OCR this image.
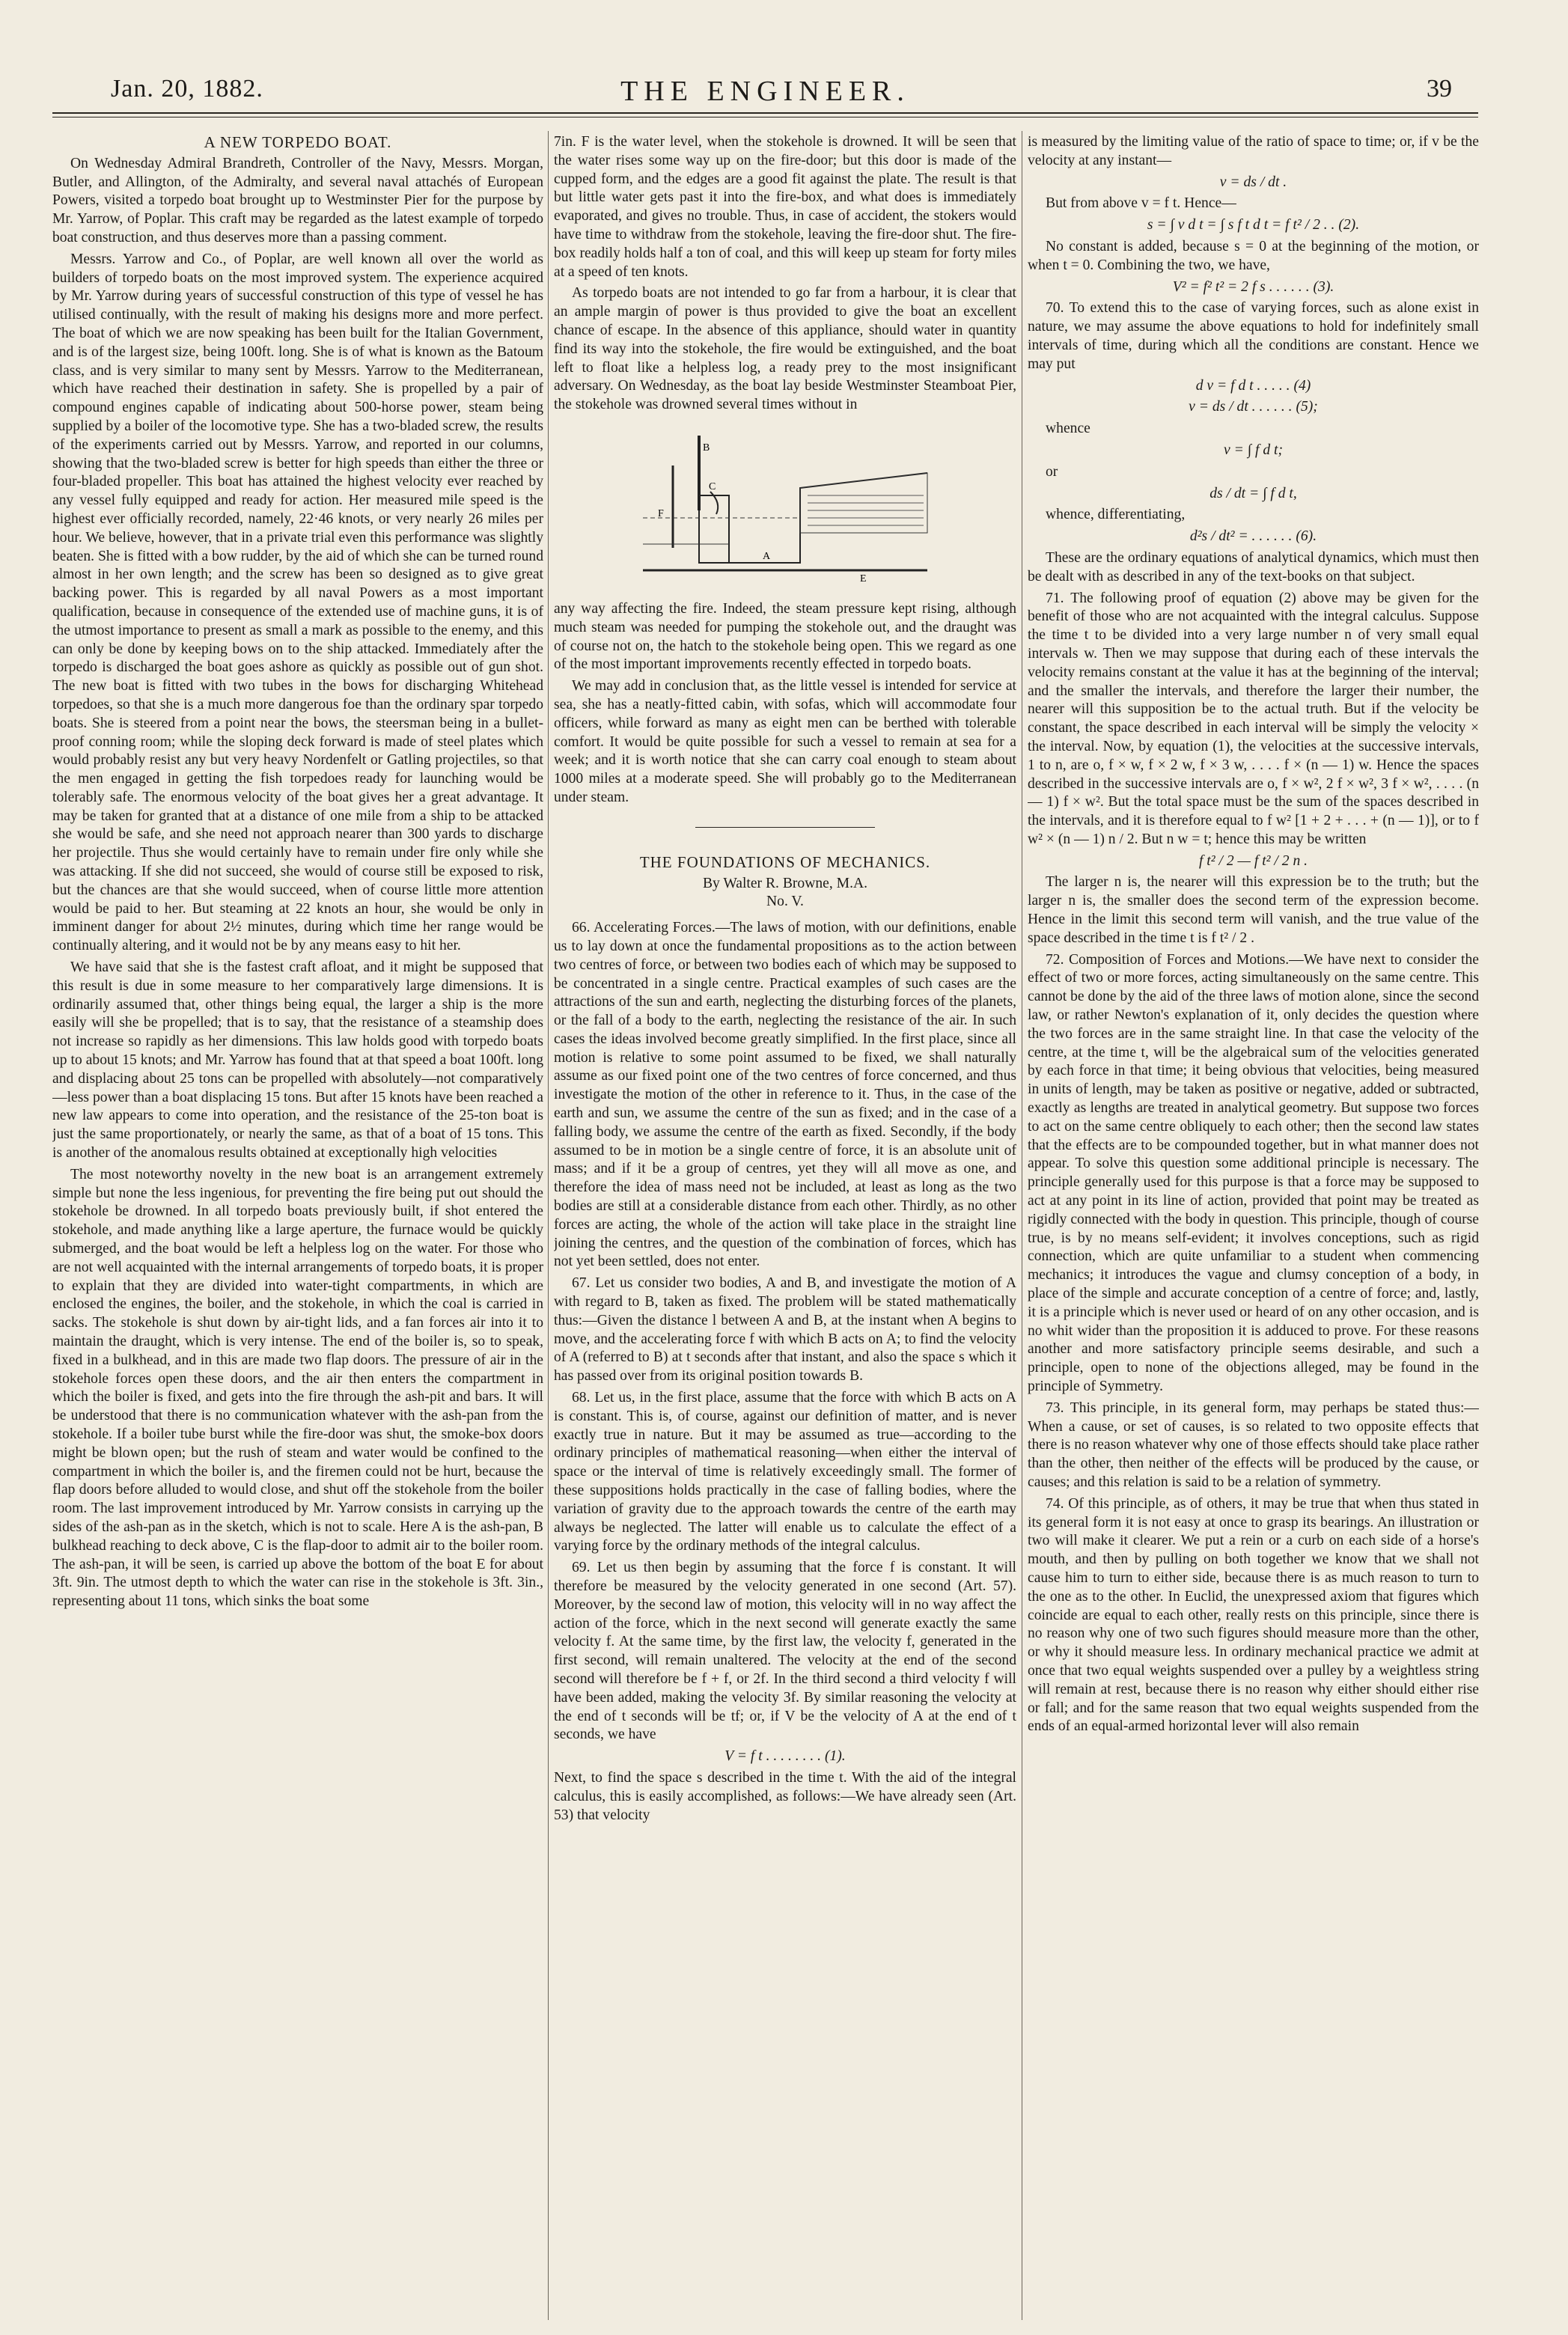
Jan. 20, 1882.	THE ENGINEER.	39

A NEW TORPEDO BOAT.

On Wednesday Admiral Brandreth, Controller of the Navy, Messrs. Morgan, Butler, and Allington, of the Admiralty, and several naval attachés of European Powers, visited a torpedo boat brought up to Westminster Pier for the purpose by Mr. Yarrow, of Poplar. This craft may be regarded as the latest example of torpedo boat construction, and thus deserves more than a passing comment.

Messrs. Yarrow and Co., of Poplar, are well known all over the world as builders of torpedo boats on the most improved system. The experience acquired by Mr. Yarrow during years of successful construction of this type of vessel he has utilised continually, with the result of making his designs more and more perfect. The boat of which we are now speaking has been built for the Italian Government, and is of the largest size, being 100ft. long. She is of what is known as the Batoum class, and is very similar to many sent by Messrs. Yarrow to the Mediterranean, which have reached their destination in safety. She is propelled by a pair of compound engines capable of indicating about 500-horse power, steam being supplied by a boiler of the locomotive type. She has a two-bladed screw, the results of the experiments carried out by Messrs. Yarrow, and reported in our columns, showing that the two-bladed screw is better for high speeds than either the three or four-bladed propeller. This boat has attained the highest velocity ever reached by any vessel fully equipped and ready for action. Her measured mile speed is the highest ever officially recorded, namely, 22·46 knots, or very nearly 26 miles per hour. We believe, however, that in a private trial even this performance was slightly beaten. She is fitted with a bow rudder, by the aid of which she can be turned round almost in her own length; and the screw has been so designed as to give great backing power. This is regarded by all naval Powers as a most important qualification, because in consequence of the extended use of machine guns, it is of the utmost importance to present as small a mark as possible to the enemy, and this can only be done by keeping bows on to the ship attacked. Immediately after the torpedo is discharged the boat goes ashore as quickly as possible out of gun shot. The new boat is fitted with two tubes in the bows for discharging Whitehead torpedoes, so that she is a much more dangerous foe than the ordinary spar torpedo boats. She is steered from a point near the bows, the steersman being in a bullet-proof conning room; while the sloping deck forward is made of steel plates which would probably resist any but very heavy Nordenfelt or Gatling projectiles, so that the men engaged in getting the fish torpedoes ready for launching would be tolerably safe. The enormous velocity of the boat gives her a great advantage. It may be taken for granted that at a distance of one mile from a ship to be attacked she would be safe, and she need not approach nearer than 300 yards to discharge her projectile. Thus she would certainly have to remain under fire only while she was attacking. If she did not succeed, she would of course still be exposed to risk, but the chances are that she would succeed, when of course little more attention would be paid to her. But steaming at 22 knots an hour, she would be only in imminent danger for about 2½ minutes, during which time her range would be continually altering, and it would not be by any means easy to hit her.

We have said that she is the fastest craft afloat, and it might be supposed that this result is due in some measure to her comparatively large dimensions. It is ordinarily assumed that, other things being equal, the larger a ship is the more easily will she be propelled; that is to say, that the resistance of a steamship does not increase so rapidly as her dimensions. This law holds good with torpedo boats up to about 15 knots; and Mr. Yarrow has found that at that speed a boat 100ft. long and displacing about 25 tons can be propelled with absolutely—not comparatively—less power than a boat displacing 15 tons. But after 15 knots have been reached a new law appears to come into operation, and the resistance of the 25-ton boat is just the same proportionately, or nearly the same, as that of a boat of 15 tons. This is another of the anomalous results obtained at exceptionally high velocities

The most noteworthy novelty in the new boat is an arrangement extremely simple but none the less ingenious, for preventing the fire being put out should the stokehole be drowned. In all torpedo boats previously built, if shot entered the stokehole, and made anything like a large aperture, the furnace would be quickly submerged, and the boat would be left a helpless log on the water. For those who are not well acquainted with the internal arrangements of torpedo boats, it is proper to explain that they are divided into water-tight compartments, in which are enclosed the engines, the boiler, and the stokehole, in which the coal is carried in sacks. The stokehole is shut down by air-tight lids, and a fan forces air into it to maintain the draught, which is very intense. The end of the boiler is, so to speak, fixed in a bulkhead, and in this are made two flap doors. The pressure of air in the stokehole forces open these doors, and the air then enters the compartment in which the boiler is fixed, and gets into the fire through the ash-pit and bars. It will be understood that there is no communication whatever with the ash-pan from the stokehole. If a boiler tube burst while the fire-door was shut, the smoke-box doors might be blown open; but the rush of steam and water would be confined to the compartment in which the boiler is, and the firemen could not be hurt, because the flap doors before alluded to would close, and shut off the stokehole from the boiler room. The last improvement introduced by Mr. Yarrow consists in carrying up the sides of the ash-pan as in the sketch, which is not to scale. Here A is the ash-pan, B bulkhead reaching to deck above, C is the flap-door to admit air to the boiler room. The ash-pan, it will be seen, is carried up above the bottom of the boat E for about 3ft. 9in. The utmost depth to which the water can rise in the stokehole is 3ft. 3in., representing about 11 tons, which sinks the boat some

7in. F is the water level, when the stokehole is drowned. It will be seen that the water rises some way up on the fire-door; but this door is made of the cupped form, and the edges are a good fit against the plate. The result is that but little water gets past it into the fire-box, and what does is immediately evaporated, and gives no trouble. Thus, in case of accident, the stokers would have time to withdraw from the stokehole, leaving the fire-door shut. The fire-box readily holds half a ton of coal, and this will keep up steam for forty miles at a speed of ten knots.

As torpedo boats are not intended to go far from a harbour, it is clear that an ample margin of power is thus provided to give the boat an excellent chance of escape. In the absence of this appliance, should water in quantity find its way into the stokehole, the fire would be extinguished, and the boat left to float like a helpless log, a ready prey to the most insignificant adversary. On Wednesday, as the boat lay beside Westminster Steamboat Pier, the stokehole was drowned several times without in

B
C
F
A
E

any way affecting the fire. Indeed, the steam pressure kept rising, although much steam was needed for pumping the stokehole out, and the draught was of course not on, the hatch to the stokehole being open. This we regard as one of the most important improvements recently effected in torpedo boats.

We may add in conclusion that, as the little vessel is intended for service at sea, she has a neatly-fitted cabin, with sofas, which will accommodate four officers, while forward as many as eight men can be berthed with tolerable comfort. It would be quite possible for such a vessel to remain at sea for a week; and it is worth notice that she can carry coal enough to steam about 1000 miles at a moderate speed. She will probably go to the Mediterranean under steam.

THE FOUNDATIONS OF MECHANICS.

By Walter R. Browne, M.A.

No. V.

66. Accelerating Forces.—The laws of motion, with our definitions, enable us to lay down at once the fundamental propositions as to the action between two centres of force, or between two bodies each of which may be supposed to be concentrated in a single centre. Practical examples of such cases are the attractions of the sun and earth, neglecting the disturbing forces of the planets, or the fall of a body to the earth, neglecting the resistance of the air. In such cases the ideas involved become greatly simplified. In the first place, since all motion is relative to some point assumed to be fixed, we shall naturally assume as our fixed point one of the two centres of force concerned, and thus investigate the motion of the other in reference to it. Thus, in the case of the earth and sun, we assume the centre of the sun as fixed; and in the case of a falling body, we assume the centre of the earth as fixed. Secondly, if the body assumed to be in motion be a single centre of force, it is an absolute unit of mass; and if it be a group of centres, yet they will all move as one, and therefore the idea of mass need not be included, at least as long as the two bodies are still at a considerable distance from each other. Thirdly, as no other forces are acting, the whole of the action will take place in the straight line joining the centres, and the question of the combination of forces, which has not yet been settled, does not enter.

67. Let us consider two bodies, A and B, and investigate the motion of A with regard to B, taken as fixed. The problem will be stated mathematically thus:—Given the distance l between A and B, at the instant when A begins to move, and the accelerating force f with which B acts on A; to find the velocity of A (referred to B) at t seconds after that instant, and also the space s which it has passed over from its original position towards B.

68. Let us, in the first place, assume that the force with which B acts on A is constant. This is, of course, against our definition of matter, and is never exactly true in nature. But it may be assumed as true—according to the ordinary principles of mathematical reasoning—when either the interval of space or the interval of time is relatively exceedingly small. The former of these suppositions holds practically in the case of falling bodies, where the variation of gravity due to the approach towards the centre of the earth may always be neglected. The latter will enable us to calculate the effect of a varying force by the ordinary methods of the integral calculus.

69. Let us then begin by assuming that the force f is constant. It will therefore be measured by the velocity generated in one second (Art. 57). Moreover, by the second law of motion, this velocity will in no way affect the action of the force, which in the next second will generate exactly the same velocity f. At the same time, by the first law, the velocity f, generated in the first second, will remain unaltered. The velocity at the end of the second second will therefore be f + f, or 2f. In the third second a third velocity f will have been added, making the velocity 3f. By similar reasoning the velocity at the end of t seconds will be tf; or, if V be the velocity of A at the end of t seconds, we have

V = f t . . . . . . . . (1).

Next, to find the space s described in the time t. With the aid of the integral calculus, this is easily accomplished, as follows:—We have already seen (Art. 53) that velocity

is measured by the limiting value of the ratio of space to time; or, if v be the velocity at any instant—

v = ds / dt .

But from above v = f t. Hence—

s = ∫ v d t = ∫ s f t d t = f t² / 2 . . (2).

No constant is added, because s = 0 at the beginning of the motion, or when t = 0. Combining the two, we have,

V² = f² t² = 2 f s . . . . . . (3).

70. To extend this to the case of varying forces, such as alone exist in nature, we may assume the above equations to hold for indefinitely small intervals of time, during which all the conditions are constant. Hence we may put

d v = f d t . . . . . (4)

v = ds / dt . . . . . . (5);

whence

v = ∫ f d t;

or

ds / dt = ∫ f d t,

whence, differentiating,

d²s / dt² = . . . . . . (6).

These are the ordinary equations of analytical dynamics, which must then be dealt with as described in any of the text-books on that subject.

71. The following proof of equation (2) above may be given for the benefit of those who are not acquainted with the integral calculus. Suppose the time t to be divided into a very large number n of very small equal intervals w. Then we may suppose that during each of these intervals the velocity remains constant at the value it has at the beginning of the interval; and the smaller the intervals, and therefore the larger their number, the nearer will this supposition be to the actual truth. But if the velocity be constant, the space described in each interval will be simply the velocity × the interval. Now, by equation (1), the velocities at the successive intervals, 1 to n, are o, f × w, f × 2 w, f × 3 w, . . . . f × (n — 1) w. Hence the spaces described in the successive intervals are o, f × w², 2 f × w², 3 f × w², . . . . (n — 1) f × w². But the total space must be the sum of the spaces described in the intervals, and it is therefore equal to f w² [1 + 2 + . . . + (n — 1)], or to f w² × (n — 1) n / 2. But n w = t; hence this may be written

f t² / 2 — f t² / 2 n .

The larger n is, the nearer will this expression be to the truth; but the larger n is, the smaller does the second term of the expression become. Hence in the limit this second term will vanish, and the true value of the space described in the time t is f t² / 2 .

72. Composition of Forces and Motions.—We have next to consider the effect of two or more forces, acting simultaneously on the same centre. This cannot be done by the aid of the three laws of motion alone, since the second law, or rather Newton's explanation of it, only decides the question where the two forces are in the same straight line. In that case the velocity of the centre, at the time t, will be the algebraical sum of the velocities generated by each force in that time; it being obvious that velocities, being measured in units of length, may be taken as positive or negative, added or subtracted, exactly as lengths are treated in analytical geometry. But suppose two forces to act on the same centre obliquely to each other; then the second law states that the effects are to be compounded together, but in what manner does not appear. To solve this question some additional principle is necessary. The principle generally used for this purpose is that a force may be supposed to act at any point in its line of action, provided that point may be treated as rigidly connected with the body in question. This principle, though of course true, is by no means self-evident; it involves conceptions, such as rigid connection, which are quite unfamiliar to a student when commencing mechanics; it introduces the vague and clumsy conception of a body, in place of the simple and accurate conception of a centre of force; and, lastly, it is a principle which is never used or heard of on any other occasion, and is no whit wider than the proposition it is adduced to prove. For these reasons another and more satisfactory principle seems desirable, and such a principle, open to none of the objections alleged, may be found in the principle of Symmetry.

73. This principle, in its general form, may perhaps be stated thus:—When a cause, or set of causes, is so related to two opposite effects that there is no reason whatever why one of those effects should take place rather than the other, then neither of the effects will be produced by the cause, or causes; and this relation is said to be a relation of symmetry.

74. Of this principle, as of others, it may be true that when thus stated in its general form it is not easy at once to grasp its bearings. An illustration or two will make it clearer. We put a rein or a curb on each side of a horse's mouth, and then by pulling on both together we know that we shall not cause him to turn to either side, because there is as much reason to turn to the one as to the other. In Euclid, the unexpressed axiom that figures which coincide are equal to each other, really rests on this principle, since there is no reason why one of two such figures should measure more than the other, or why it should measure less. In ordinary mechanical practice we admit at once that two equal weights suspended over a pulley by a weightless string will remain at rest, because there is no reason why either should either rise or fall; and for the same reason that two equal weights suspended from the ends of an equal-armed horizontal lever will also remain
